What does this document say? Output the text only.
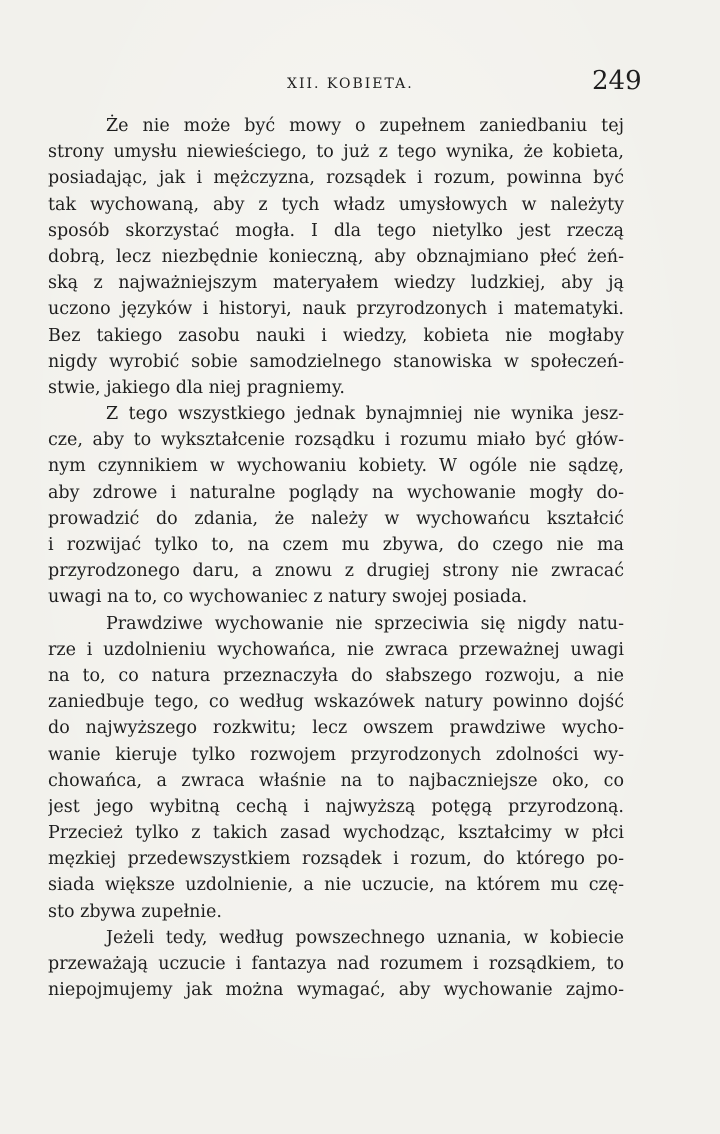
XII. KOBIETA.	249
Że nie może być mowy o zupełnem zaniedbaniu tej
strony umysłu niewieściego, to już z tego wynika, że kobieta,
posiadając, jak i mężczyzna, rozsądek i rozum, powinna być
tak wychowaną, aby z tych władz umysłowych w należyty
sposób skorzystać mogła. I dla tego nietylko jest rzeczą
dobrą, lecz niezbędnie konieczną, aby obznajmiano płeć żeń-
ską z najważniejszym materyałem wiedzy ludzkiej, aby ją
uczono języków i historyi, nauk przyrodzonych i matematyki.
Bez takiego zasobu nauki i wiedzy, kobieta nie mogłaby
nigdy wyrobić sobie samodzielnego stanowiska w społeczeń-
stwie, jakiego dla niej pragniemy.
Z tego wszystkiego jednak bynajmniej nie wynika jesz-
cze, aby to wykształcenie rozsądku i rozumu miało być głów-
nym czynnikiem w wychowaniu kobiety. W ogóle nie sądzę,
aby zdrowe i naturalne poglądy na wychowanie mogły do-
prowadzić do zdania, że należy w wychowańcu kształcić
i rozwijać tylko to, na czem mu zbywa, do czego nie ma
przyrodzonego daru, a znowu z drugiej strony nie zwracać
uwagi na to, co wychowaniec z natury swojej posiada.
Prawdziwe wychowanie nie sprzeciwia się nigdy natu-
rze i uzdolnieniu wychowańca, nie zwraca przeważnej uwagi
na to, co natura przeznaczyła do słabszego rozwoju, a nie
zaniedbuje tego, co według wskazówek natury powinno dojść
do najwyższego rozkwitu; lecz owszem prawdziwe wycho-
wanie kieruje tylko rozwojem przyrodzonych zdolności wy-
chowańca, a zwraca właśnie na to najbaczniejsze oko, co
jest jego wybitną cechą i najwyższą potęgą przyrodzoną.
Przecież tylko z takich zasad wychodząc, kształcimy w płci
męzkiej przedewszystkiem rozsądek i rozum, do którego po-
siada większe uzdolnienie, a nie uczucie, na którem mu czę-
sto zbywa zupełnie.
Jeżeli tedy, według powszechnego uznania, w kobiecie
przeważają uczucie i fantazya nad rozumem i rozsądkiem, to
niepojmujemy jak można wymagać, aby wychowanie zajmo-
